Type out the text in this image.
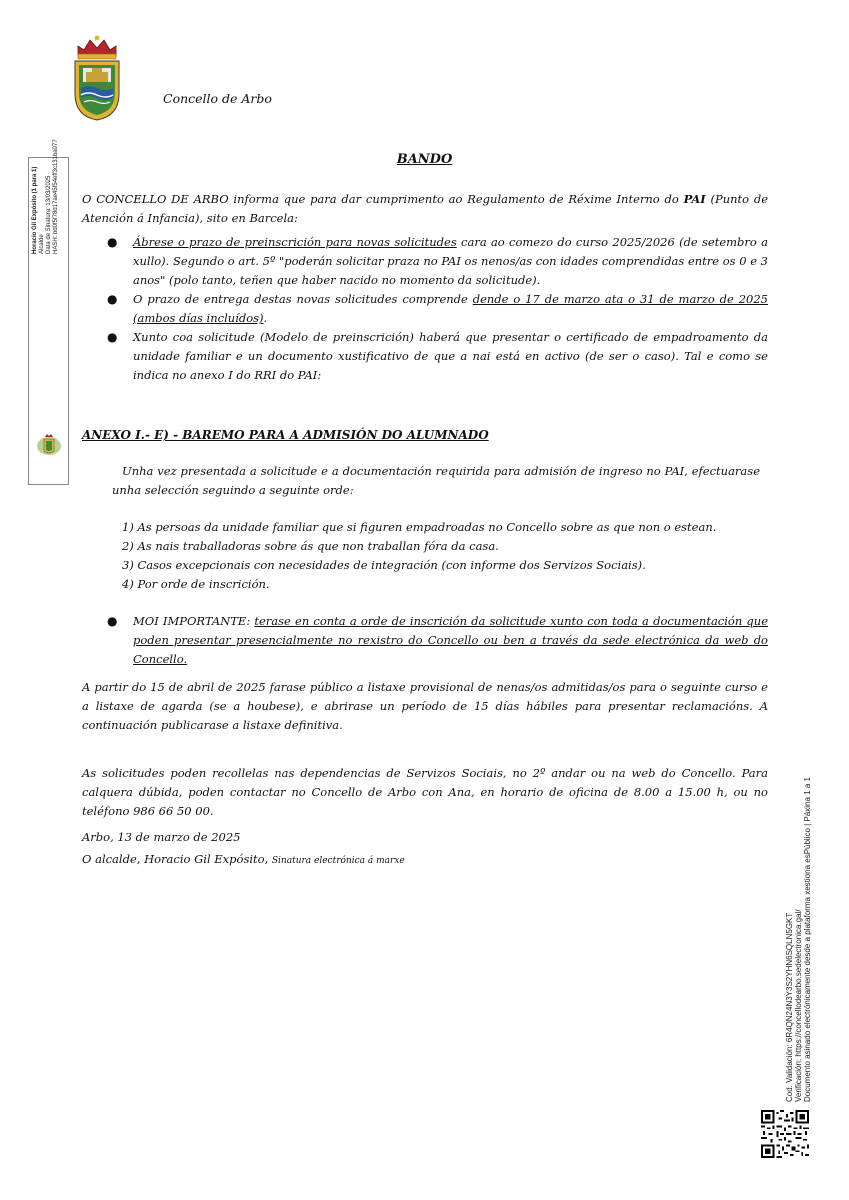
Concello de Arbo
BANDO

O CONCELLO DE ARBO informa que para dar cumprimento ao Regulamento de Réxime Interno do PAI (Punto de Atención á Infancia), sito en Barcela:

● Ábrese o prazo de preinscrición para novas solicitudes cara ao comezo do curso 2025/2026 (de setembro a xullo). Segundo o art. 5º "poderán solicitar praza no PAI os nenos/as con idades comprendidas entre os 0 e 3 anos" (polo tanto, teñen que haber nacido no momento da solicitude).

● O prazo de entrega destas novas solicitudes comprende dende o 17 de marzo ata o 31 de marzo de 2025 (ambos días incluídos).

● Xunto coa solicitude (Modelo de preinscrición) haberá que presentar o certificado de empadroamento da unidade familiar e un documento xustificativo de que a nai está en activo (de ser o caso). Tal e como se indica no anexo I do RRI do PAI:

ANEXO I.- E) - BAREMO PARA A ADMISIÓN DO ALUMNADO

Unha vez presentada a solicitude e a documentación requirida para admisión de ingreso no PAI, efectuarase unha selección seguindo a seguinte orde:

1) As persoas da unidade familiar que si figuren empadroadas no Concello sobre as que non o estean.
2) As nais traballadoras sobre ás que non traballan fóra da casa.
3) Casos excepcionais con necesidades de integración (con informe dos Servizos Sociais).
4) Por orde de inscrición.

● MOI IMPORTANTE: terase en conta a orde de inscrición da solicitude xunto con toda a documentación que poden presentar presencialmente no rexistro do Concello ou ben a través da sede electrónica da web do Concello.

A partir do 15 de abril de 2025 farase público a listaxe provisional de nenas/os admitidas/os para o seguinte curso e a listaxe de agarda (se a houbese), e abrirase un período de 15 días hábiles para presentar reclamacións. A continuación publicarase a listaxe definitiva.

As solicitudes poden recollelas nas dependencias de Servizos Sociais, no 2º andar ou na web do Concello. Para calquera dúbida, poden contactar no Concello de Arbo con Ana, en horario de oficina de 8.00 a 15.00 h, ou no teléfono 986 66 50 00.

Arbo, 13 de marzo de 2025
O alcalde, Horacio Gil Expósito, Sinatura electrónica á marxe
Horacio Gil Expósito (1 para 1) Alcalde Data de Sinatura: 13/03/2025 HASH: bd0f5f78d17ae45f54eff3c131ba077
Cod. Validación: 6R4QN24N3Y3S2YHN6SQLN5GKT Verificación: https://concellodearbo.sedelectronica.gal/ Documento asinado electrónicamente desde a plataforma xestiona esPúblico | Páxina 1 a 1
